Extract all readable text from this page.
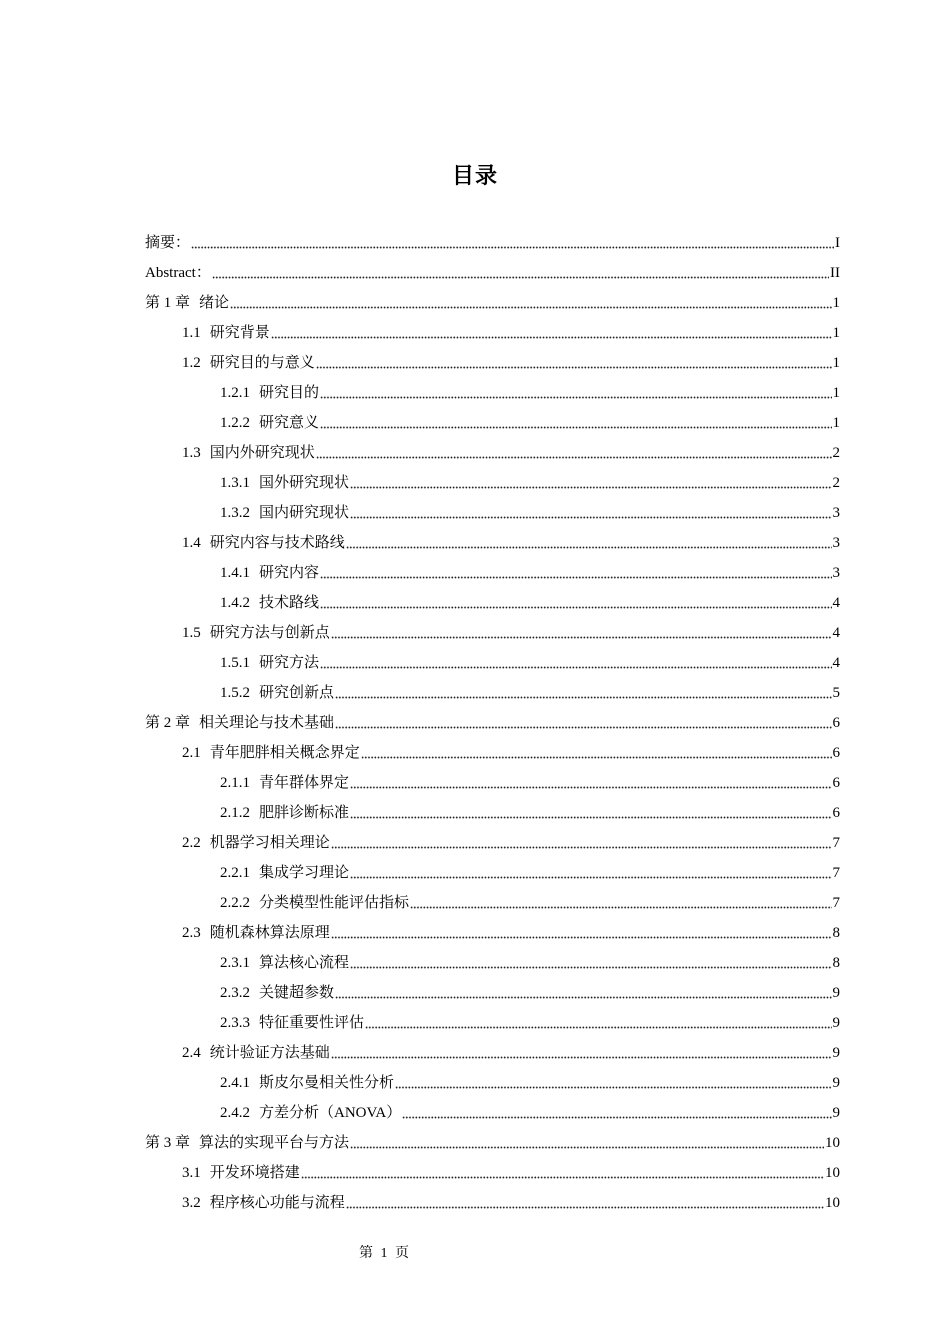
目录
摘要：	I
Abstract：	II
第 1 章 绪论	1
1.1 研究背景	1
1.2 研究目的与意义	1
1.2.1 研究目的	1
1.2.2 研究意义	1
1.3 国内外研究现状	2
1.3.1 国外研究现状	2
1.3.2 国内研究现状	3
1.4 研究内容与技术路线	3
1.4.1 研究内容	3
1.4.2 技术路线	4
1.5 研究方法与创新点	4
1.5.1 研究方法	4
1.5.2 研究创新点	5
第 2 章 相关理论与技术基础	6
2.1 青年肥胖相关概念界定	6
2.1.1 青年群体界定	6
2.1.2 肥胖诊断标准	6
2.2 机器学习相关理论	7
2.2.1 集成学习理论	7
2.2.2 分类模型性能评估指标	7
2.3 随机森林算法原理	8
2.3.1 算法核心流程	8
2.3.2 关键超参数	9
2.3.3 特征重要性评估	9
2.4 统计验证方法基础	9
2.4.1 斯皮尔曼相关性分析	9
2.4.2 方差分析（ANOVA）	9
第 3 章 算法的实现平台与方法	10
3.1 开发环境搭建	10
3.2 程序核心功能与流程	10
第 1 页
